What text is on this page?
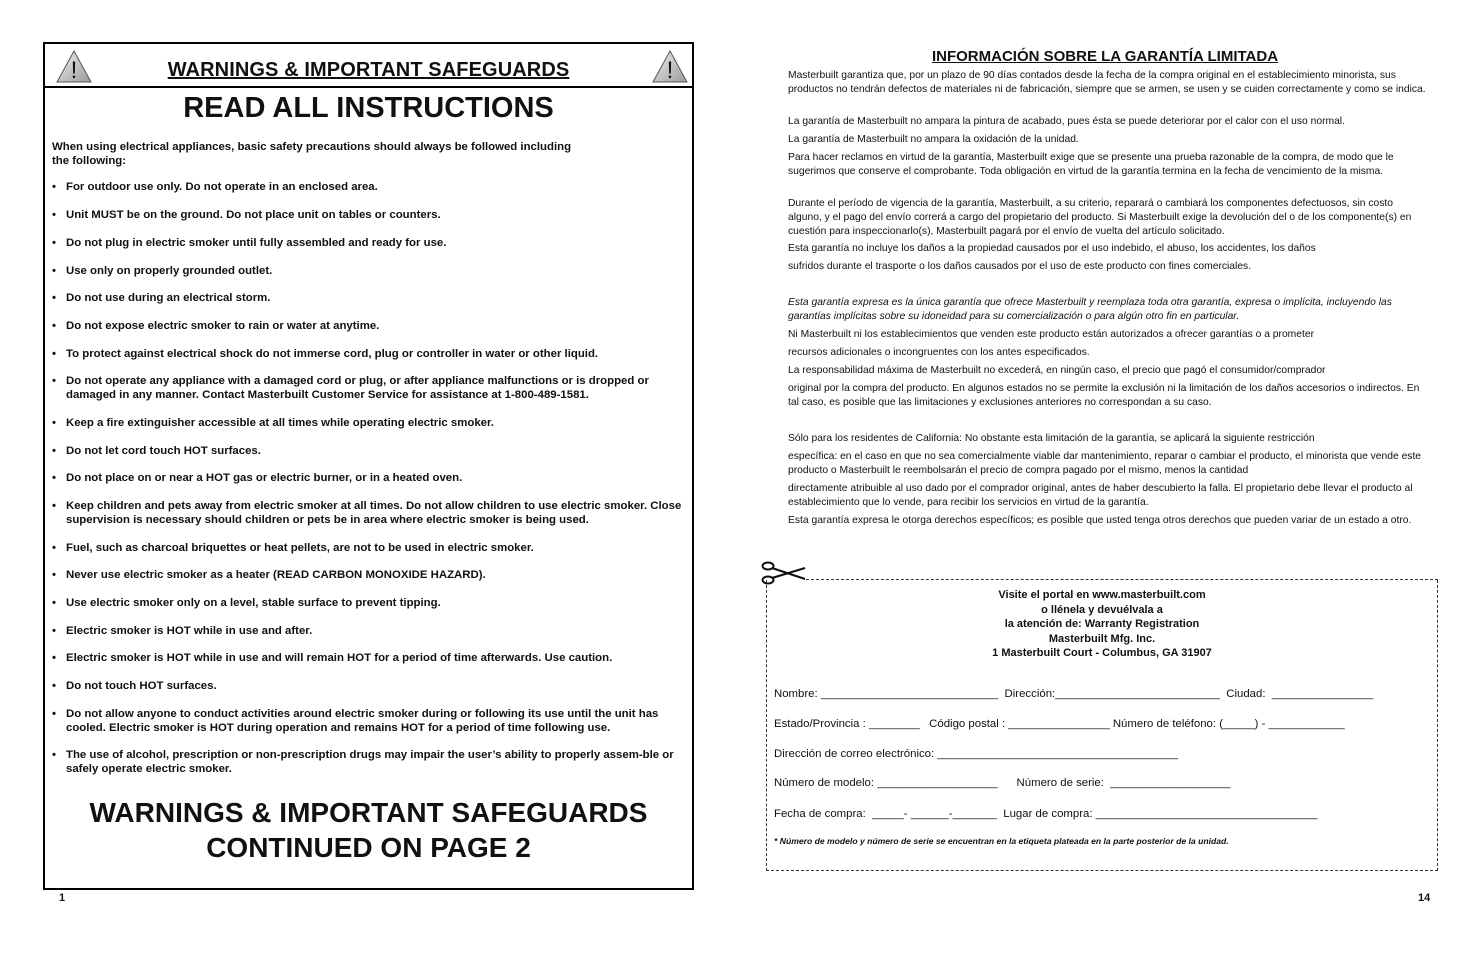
!	WARNINGS & IMPORTANT SAFEGUARDS	!
READ ALL INSTRUCTIONS
When using electrical appliances, basic safety precautions should always be followed including
the following:
• For outdoor use only. Do not operate in an enclosed area.
• Unit MUST be on the ground. Do not place unit on tables or counters.
• Do not plug in electric smoker until fully assembled and ready for use.
• Use only on properly grounded outlet.
• Do not use during an electrical storm.
• Do not expose electric smoker to rain or water at anytime.
• To protect against electrical shock do not immerse cord, plug or controller in water or other liquid.
• Do not operate any appliance with a damaged cord or plug, or after appliance malfunctions or is dropped or damaged in any manner. Contact Masterbuilt Customer Service for assistance at 1-800-489-1581.
• Keep a fire extinguisher accessible at all times while operating electric smoker.
• Do not let cord touch HOT surfaces.
• Do not place on or near a HOT gas or electric burner, or in a heated oven.
• Keep children and pets away from electric smoker at all times. Do not allow children to use electric smoker. Close supervision is necessary should children or pets be in area where electric smoker is being used.
• Fuel, such as charcoal briquettes or heat pellets, are not to be used in electric smoker.
• Never use electric smoker as a heater (READ CARBON MONOXIDE HAZARD).
• Use electric smoker only on a level, stable surface to prevent tipping.
• Electric smoker is HOT while in use and after.
• Electric smoker is HOT while in use and will remain HOT for a period of time afterwards. Use caution.
• Do not touch HOT surfaces.
• Do not allow anyone to conduct activities around electric smoker during or following its use until the unit has cooled. Electric smoker is HOT during operation and remains HOT for a period of time following use.
• The use of alcohol, prescription or non-prescription drugs may impair the user’s ability to properly assem-ble or safely operate electric smoker.
WARNINGS & IMPORTANT SAFEGUARDS
CONTINUED ON PAGE 2
1
INFORMACIÓN SOBRE LA GARANTÍA LIMITADA
Masterbuilt garantiza que, por un plazo de 90 días contados desde la fecha de la compra original en el establecimiento minorista, sus productos no tendrán defectos de materiales ni de fabricación, siempre que se armen, se usen y se cuiden correctamente y como se indica.
La garantía de Masterbuilt no ampara la pintura de acabado, pues ésta se puede deteriorar por el calor con el uso normal.
La garantía de Masterbuilt no ampara la oxidación de la unidad.
Para hacer reclamos en virtud de la garantía, Masterbuilt exige que se presente una prueba razonable de la compra, de modo que le sugerimos que conserve el comprobante. Toda obligación en virtud de la garantía termina en la fecha de vencimiento de la misma.
Durante el período de vigencia de la garantía, Masterbuilt, a su criterio, reparará o cambiará los componentes defectuosos, sin costo alguno, y el pago del envío correrá a cargo del propietario del producto. Si Masterbuilt exige la devolución del o de los componente(s) en cuestión para inspeccionarlo(s), Masterbuilt pagará por el envío de vuelta del artículo solicitado.
Esta garantía no incluye los daños a la propiedad causados por el uso indebido, el abuso, los accidentes, los daños
sufridos durante el trasporte o los daños causados por el uso de este producto con fines comerciales.
Esta garantía expresa es la única garantía que ofrece Masterbuilt y reemplaza toda otra garantía, expresa o implícita, incluyendo las garantías implícitas sobre su idoneidad para su comercialización o para algún otro fin en particular.
Ni Masterbuilt ni los establecimientos que venden este producto están autorizados a ofrecer garantías o a prometer
recursos adicionales o incongruentes con los antes especificados.
La responsabilidad máxima de Masterbuilt no excederá, en ningún caso, el precio que pagó el consumidor/comprador
original por la compra del producto. En algunos estados no se permite la exclusión ni la limitación de los daños accesorios o indirectos. En tal caso, es posible que las limitaciones y exclusiones anteriores no correspondan a su caso.
Sólo para los residentes de California: No obstante esta limitación de la garantía, se aplicará la siguiente restricción
específica: en el caso en que no sea comercialmente viable dar mantenimiento, reparar o cambiar el producto, el minorista que vende este producto o Masterbuilt le reembolsarán el precio de compra pagado por el mismo, menos la cantidad
directamente atribuible al uso dado por el comprador original, antes de haber descubierto la falla. El propietario debe llevar el producto al establecimiento que lo vende, para recibir los servicios en virtud de la garantía.
Esta garantía expresa le otorga derechos específicos; es posible que usted tenga otros derechos que pueden variar de un estado a otro.
Visite el portal en www.masterbuilt.com
o llénela y devuélvala a
la atención de: Warranty Registration
Masterbuilt Mfg. Inc.
1 Masterbuilt Court - Columbus, GA 31907
Nombre: ____________________________  Dirección:__________________________  Ciudad:  ________________
Estado/Provincia : ________   Código postal : ________________ Número de teléfono: (_____) - ____________
Dirección de correo electrónico: ______________________________________
Número de modelo: ___________________      Número de serie:  ___________________
Fecha de compra:  _____- ______-_______  Lugar de compra: ___________________________________
* Número de modelo y número de serie se encuentran en la etiqueta plateada en la parte posterior de la unidad.
14
